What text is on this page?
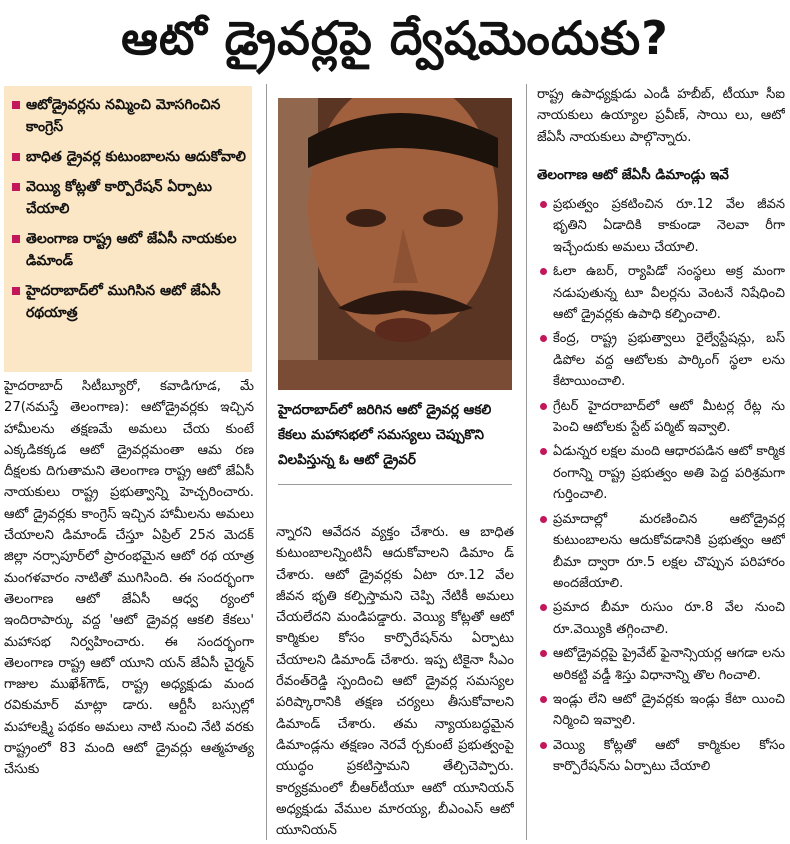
ఆటో డ్రైవర్లపై ద్వేషమెందుకు?
ఆటోడ్రైవర్లను నమ్మించి మోసగించిన కాంగ్రెస్
బాధిత డ్రైవర్ల కుటుంబాలను ఆదుకోవాలి
వెయ్యి కోట్లతో కార్పొరేషన్ ఏర్పాటు చేయాలి
తెలంగాణ రాష్ట్ర ఆటో జేఏసీ నాయకుల డిమాండ్
హైదరాబాద్‌లో ముగిసిన ఆటో జేఏసీ రథయాత్ర
హైదరాబాద్ సిటీబ్యూరో, కవాడిగూడ, మే 27(నమస్తే తెలంగాణ): ఆటోడ్రైవర్లకు ఇచ్చిన హామీలను తక్షణమే అమలు చేయ కుంటే ఎక్కడికక్కడ ఆటో డ్రైవర్లమంతా ఆమ రణ దీక్షలకు దిగుతామని తెలంగాణ రాష్ట్ర ఆటో జేఏసీ నాయకులు రాష్ట్ర ప్రభుత్వాన్ని హెచ్చరించారు. ఆటో డ్రైవర్లకు కాంగ్రెస్ ఇచ్చిన హామీలను అమలు చేయాలని డిమాండ్ చేస్తూ ఏప్రిల్ 25న మెదక్ జిల్లా నర్సాపూర్‌లో ప్రారంభమైన ఆటో రథ యాత్ర మంగళవారం నాటితో ముగిసింది. ఈ సందర్భంగా తెలంగాణ ఆటో జేఏసీ ఆధ్వ ర్యంలో ఇందిరాపార్కు వద్ద 'ఆటో డ్రైవర్ల ఆకలి కేకలు' మహాసభ నిర్వహించారు. ఈ సందర్భంగా తెలంగాణ రాష్ట్ర ఆటో యూని యన్ జేఏసీ చైర్మన్ గాజుల ముఖేశ్‌గౌడ్, రాష్ట్ర అధ్యక్షుడు మంద రవికుమార్ మాట్లా డారు. ఆర్టీసీ బస్సుల్లో మహాలక్ష్మి పథకం అమలు నాటి నుంచి నేటి వరకు రాష్ట్రంలో 83 మంది ఆటో డ్రైవర్లు ఆత్మహత్య చేసుకు
హైదరాబాద్‌లో జరిగిన ఆటో డ్రైవర్ల ఆకలి కేకలు మహాసభలో సమస్యలు చెప్పుకొని విలపిస్తున్న ఓ ఆటో డ్రైవర్
న్నారని ఆవేదన వ్యక్తం చేశారు. ఆ బాధిత కుటుంబాలన్నింటినీ ఆదుకోవాలని డిమాం డ్ చేశారు. ఆటో డ్రైవర్లకు ఏటా రూ.12 వేల జీవన భృతి కల్పిస్తామని చెప్పి నేటికీ అమలు చేయలేదని మండిపడ్డారు. వెయ్యి కోట్లతో ఆటో కార్మికుల కోసం కార్పొరేషన్‌ను ఏర్పాటు చేయాలని డిమాండ్ చేశారు. ఇప్ప టికైనా సీఎం రేవంత్‌రెడ్డి స్పందించి ఆటో డ్రైవర్ల సమస్యల పరిష్కారానికి తక్షణ చర్యలు తీసుకోవాలని డిమాండ్ చేశారు. తమ న్యాయబద్ధమైన డిమాండ్లను తక్షణం నెరవే ర్చకుంటే ప్రభుత్వంపై యుద్ధం ప్రకటిస్తామని తేల్చిచెప్పారు. కార్యక్రమంలో బీఆర్‌టీయూ ఆటో యూనియన్ అధ్యక్షుడు వేముల మారయ్య, బీఎంఎస్ ఆటో యూనియన్
రాష్ట్ర ఉపాధ్యక్షుడు ఎండీ హబీబ్, టీయూ సీఐ నాయకులు ఉయ్యాల ప్రవీణ్, సాయి లు, ఆటో జేఏసీ నాయకులు పాల్గొన్నారు.
తెలంగాణ ఆటో జేఏసీ డిమాండ్లు ఇవే
ప్రభుత్వం ప్రకటించిన రూ.12 వేల జీవన భృతిని ఏడాదికి కాకుండా నెలవా రీగా ఇచ్చేందుకు అమలు చేయాలి.
ఓలా ఉబర్, ర్యాపిడో సంస్థలు అక్ర మంగా నడుపుతున్న టూ వీలర్లను వెంటనే నిషేధించి ఆటో డ్రైవర్లకు ఉపాధి కల్పించాలి.
కేంద్ర, రాష్ట్ర ప్రభుత్వాలు రైల్వేస్టేషన్లు, బస్ డిపోల వద్ద ఆటోలకు పార్కింగ్ స్థలా లను కేటాయించాలి.
గ్రేటర్ హైదరాబాద్‌లో ఆటో మీటర్ల రేట్ల ను పెంచి ఆటోలకు స్టేట్ పర్మిట్ ఇవ్వాలి.
ఏడున్నర లక్షల మంది ఆధారపడిన ఆటో కార్మిక రంగాన్ని రాష్ట్ర ప్రభుత్వం అతి పెద్ద పరిశ్రమగా గుర్తించాలి.
ప్రమాదాల్లో మరణించిన ఆటోడ్రైవర్ల కుటుంబాలను ఆదుకోవడానికి ప్రభుత్వం ఆటో బీమా ద్వారా రూ.5 లక్షల చొప్పున పరిహారం అందజేయాలి.
ప్రమాద బీమా రుసుం రూ.8 వేల నుంచి రూ.వెయ్యికి తగ్గించాలి.
ఆటోడ్రైవర్లపై ప్రైవేట్ ఫైనాన్సియర్ల ఆగడా లను అరికట్టి వడ్డీ శిస్తు విధానాన్ని తొల గించాలి.
ఇండ్లు లేని ఆటో డ్రైవర్లకు ఇండ్లు కేటా యించి నిర్మించి ఇవ్వాలి.
వెయ్యి కోట్లతో ఆటో కార్మికుల కోసం కార్పొరేషన్‌ను ఏర్పాటు చేయాలి
